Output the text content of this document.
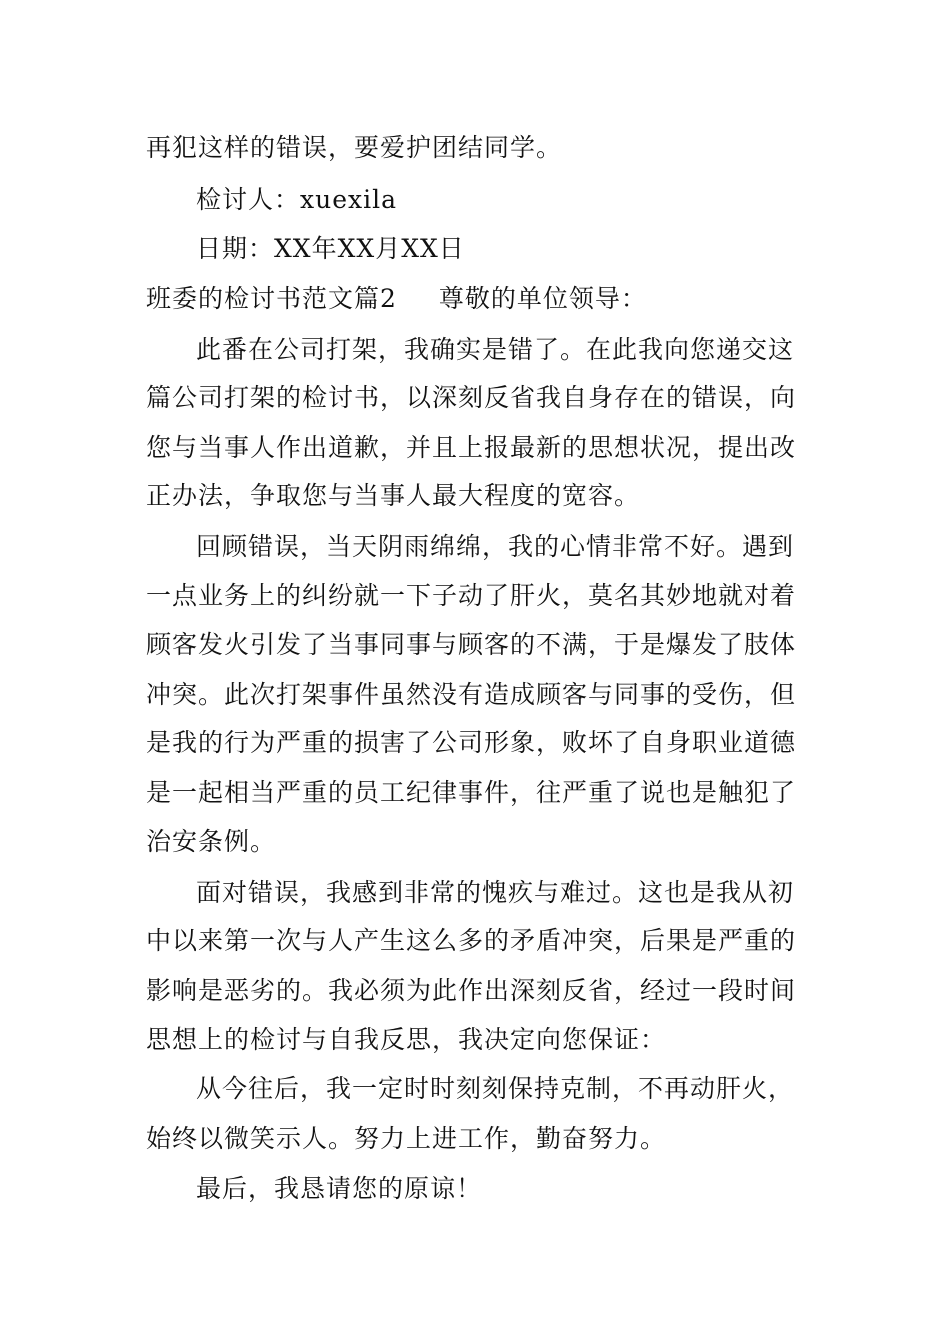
再犯这样的错误，要爱护团结同学。
检讨人：xuexila
日期：XX年XX月XX日
班委的检讨书范文篇2 尊敬的单位领导：
此番在公司打架，我确实是错了。在此我向您递交这
篇公司打架的检讨书，以深刻反省我自身存在的错误，向
您与当事人作出道歉，并且上报最新的思想状况，提出改
正办法，争取您与当事人最大程度的宽容。
回顾错误，当天阴雨绵绵，我的心情非常不好。遇到
一点业务上的纠纷就一下子动了肝火，莫名其妙地就对着
顾客发火引发了当事同事与顾客的不满，于是爆发了肢体
冲突。此次打架事件虽然没有造成顾客与同事的受伤，但
是我的行为严重的损害了公司形象，败坏了自身职业道德
是一起相当严重的员工纪律事件，往严重了说也是触犯了
治安条例。
面对错误，我感到非常的愧疚与难过。这也是我从初
中以来第一次与人产生这么多的矛盾冲突，后果是严重的
影响是恶劣的。我必须为此作出深刻反省，经过一段时间
思想上的检讨与自我反思，我决定向您保证：
从今往后，我一定时时刻刻保持克制，不再动肝火，
始终以微笑示人。努力上进工作，勤奋努力。
最后，我恳请您的原谅！
